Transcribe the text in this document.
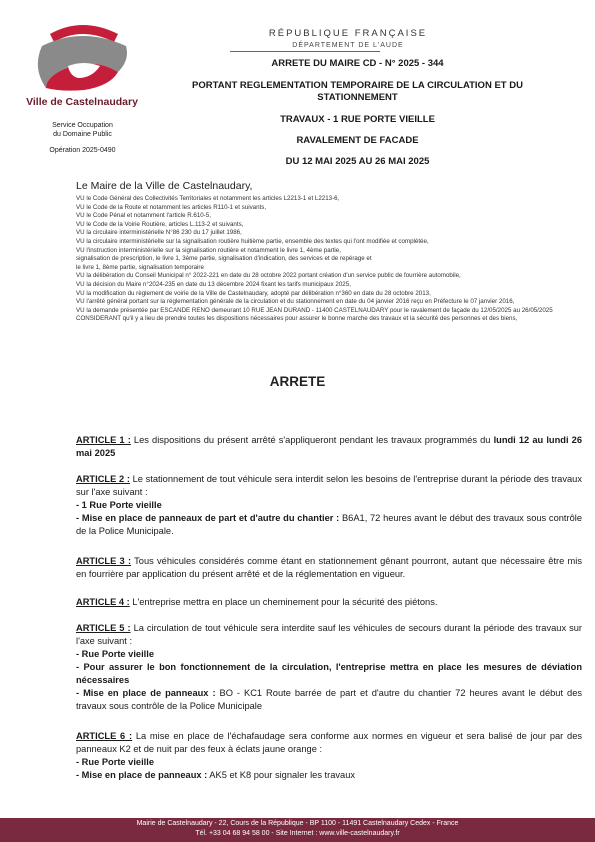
Ville de Castelnaudary
Service Occupation
du Domaine Public
Opération 2025-0490
RÉPUBLIQUE FRANÇAISE
DÉPARTEMENT DE L'AUDE
ARRETE DU MAIRE CD - N° 2025 - 344
PORTANT REGLEMENTATION TEMPORAIRE DE LA CIRCULATION ET DU STATIONNEMENT
TRAVAUX - 1 RUE PORTE VIEILLE
RAVALEMENT DE FACADE
DU 12 MAI 2025 AU 26 MAI 2025
Le Maire de la Ville de Castelnaudary,
VU le Code Général des Collectivités Territoriales et notamment les articles L2213-1 et L2213-6,
VU le Code de la Route et notamment les articles R110-1 et suivants,
VU le Code Pénal et notamment l'article R.610-5,
VU le Code de la Voirie Routière, articles L.113-2 et suivants,
VU la circulaire interministérielle N°86 230 du 17 juillet 1986,
VU la circulaire interministérielle sur la signalisation routière huitième partie, ensemble des textes qui l'ont modifiée et complétée,
VU l'instruction interministérielle sur la signalisation routière et notamment le livre 1, 4ème partie,
signalisation de prescription, le livre 1, 3ème partie, signalisation d'indication, des services et de repérage et
le livre 1, 8ème partie, signalisation temporaire
VU la délibération du Conseil Municipal n° 2022-221 en date du 28 octobre 2022 portant création d'un service public de fourrière automobile,
VU la décision du Maire n°2024-235 en date du 13 décembre 2024 fixant les tarifs municipaux 2025,
VU la modification du règlement de voirie de la Ville de Castelnaudary, adopté par délibération n°360 en date du 28 octobre 2013,
VU l'arrêté général portant sur la réglementation générale de la circulation et du stationnement en date du 04 janvier 2016 reçu en Préfecture le 07 janvier 2016,
VU la demande présentée par ESCANDE RENO demeurant 10 RUE JEAN DURAND - 11400 CASTELNAUDARY pour le ravalement de façade du 12/05/2025 au 26/05/2025
CONSIDERANT qu'il y a lieu de prendre toutes les dispositions nécessaires pour assurer le bonne marche des travaux et la sécurité des personnes et des biens,
ARRETE
ARTICLE 1 : Les dispositions du présent arrêté s'appliqueront pendant les travaux programmés du lundi 12 au lundi 26 mai 2025
ARTICLE 2 : Le stationnement de tout véhicule sera interdit selon les besoins de l'entreprise durant la période des travaux sur l'axe suivant :
- 1 Rue Porte vieille
- Mise en place de panneaux de part et d'autre du chantier : B6A1, 72 heures avant le début des travaux sous contrôle de la Police Municipale.
ARTICLE 3 : Tous véhicules considérés comme étant en stationnement gênant pourront, autant que nécessaire être mis en fourrière par application du présent arrêté et de la réglementation en vigueur.
ARTICLE 4 : L'entreprise mettra en place un cheminement pour la sécurité des piétons.
ARTICLE 5 : La circulation de tout véhicule sera interdite sauf les véhicules de secours durant la période des travaux sur l'axe suivant :
- Rue Porte vieille
- Pour assurer le bon fonctionnement de la circulation, l'entreprise mettra en place les mesures de déviation nécessaires
- Mise en place de panneaux : BO - KC1 Route barrée de part et d'autre du chantier 72 heures avant le début des travaux sous contrôle de la Police Municipale
ARTICLE 6 : La mise en place de l'échafaudage sera conforme aux normes en vigueur et sera balisé de jour par des panneaux K2 et de nuit par des feux à éclats jaune orange :
- Rue Porte vieille
- Mise en place de panneaux : AK5 et K8 pour signaler les travaux
Mairie de Castelnaudary - 22, Cours de la République - BP 1100 - 11491 Castelnaudary Cedex - France
Tél. +33 04 68 94 58 00 - Site Internet : www.ville-castelnaudary.fr
